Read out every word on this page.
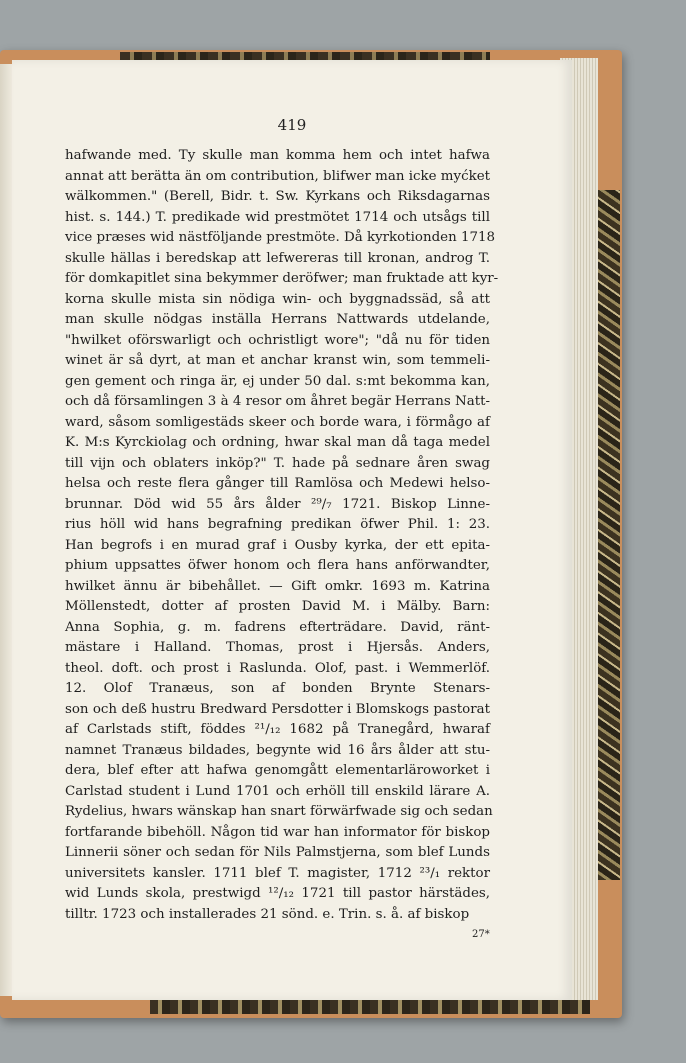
419
hafwande med. Ty skulle man komma hem och intet hafwa
annat att berätta än om contribution, blifwer man icke myćket
wälkommen." (Berell, Bidr. t. Sw. Kyrkans och Riksdagarnas
hist. s. 144.) T. predikade wid prestmötet 1714 och utsågs till
vice præses wid nästföljande prestmöte. Då kyrkotionden 1718
skulle hällas i beredskap att lefwereras till kronan, androg T.
för domkapitlet sina bekymmer deröfwer; man fruktade att kyr-
korna skulle mista sin nödiga win- och byggnadssäd, så att
man skulle nödgas inställa Herrans Nattwards utdelande,
"hwilket oförswarligt och ochristligt wore"; "då nu för tiden
winet är så dyrt, at man et anchar kranst win, som temmeli-
gen gement och ringa är, ej under 50 dal. s:mt bekomma kan,
och då församlingen 3 à 4 resor om åhret begär Herrans Natt-
ward, såsom somligestäds skeer och borde wara, i förmågo af
K. M:s Kyrckiolag och ordning, hwar skal man då taga medel
till vijn och oblaters inköp?" T. hade på sednare åren swag
helsa och reste flera gånger till Ramlösa och Medewi helso-
brunnar. Död wid 55 års ålder ²⁹/₇ 1721. Biskop Linne-
rius höll wid hans begrafning predikan öfwer Phil. 1: 23.
Han begrofs i en murad graf i Ousby kyrka, der ett epita-
phium uppsattes öfwer honom och flera hans anförwandter,
hwilket ännu är bibehållet. — Gift omkr. 1693 m. Katrina
Möllenstedt, dotter af prosten David M. i Mälby. Barn:
Anna Sophia, g. m. fadrens efterträdare. David, ränt-
mästare i Halland. Thomas, prost i Hjersås. Anders,
theol. doft. och prost i Raslunda. Olof, past. i Wemmerlöf.
12. Olof Tranæus, son af bonden Brynte Stenars-
son och deß hustru Bredward Persdotter i Blomskogs pastorat
af Carlstads stift, föddes ²¹/₁₂ 1682 på Tranegård, hwaraf
namnet Tranæus bildades, begynte wid 16 års ålder att stu-
dera, blef efter att hafwa genomgått elementarläroworket i
Carlstad student i Lund 1701 och erhöll till enskild lärare A.
Rydelius, hwars wänskap han snart förwärfwade sig och sedan
fortfarande bibehöll. Någon tid war han informator för biskop
Linnerii söner och sedan för Nils Palmstjerna, som blef Lunds
universitets kansler. 1711 blef T. magister, 1712 ²³/₁ rektor
wid Lunds skola, prestwigd ¹²/₁₂ 1721 till pastor härstädes,
tilltr. 1723 och installerades 21 sönd. e. Trin. s. å. af biskop
27*
